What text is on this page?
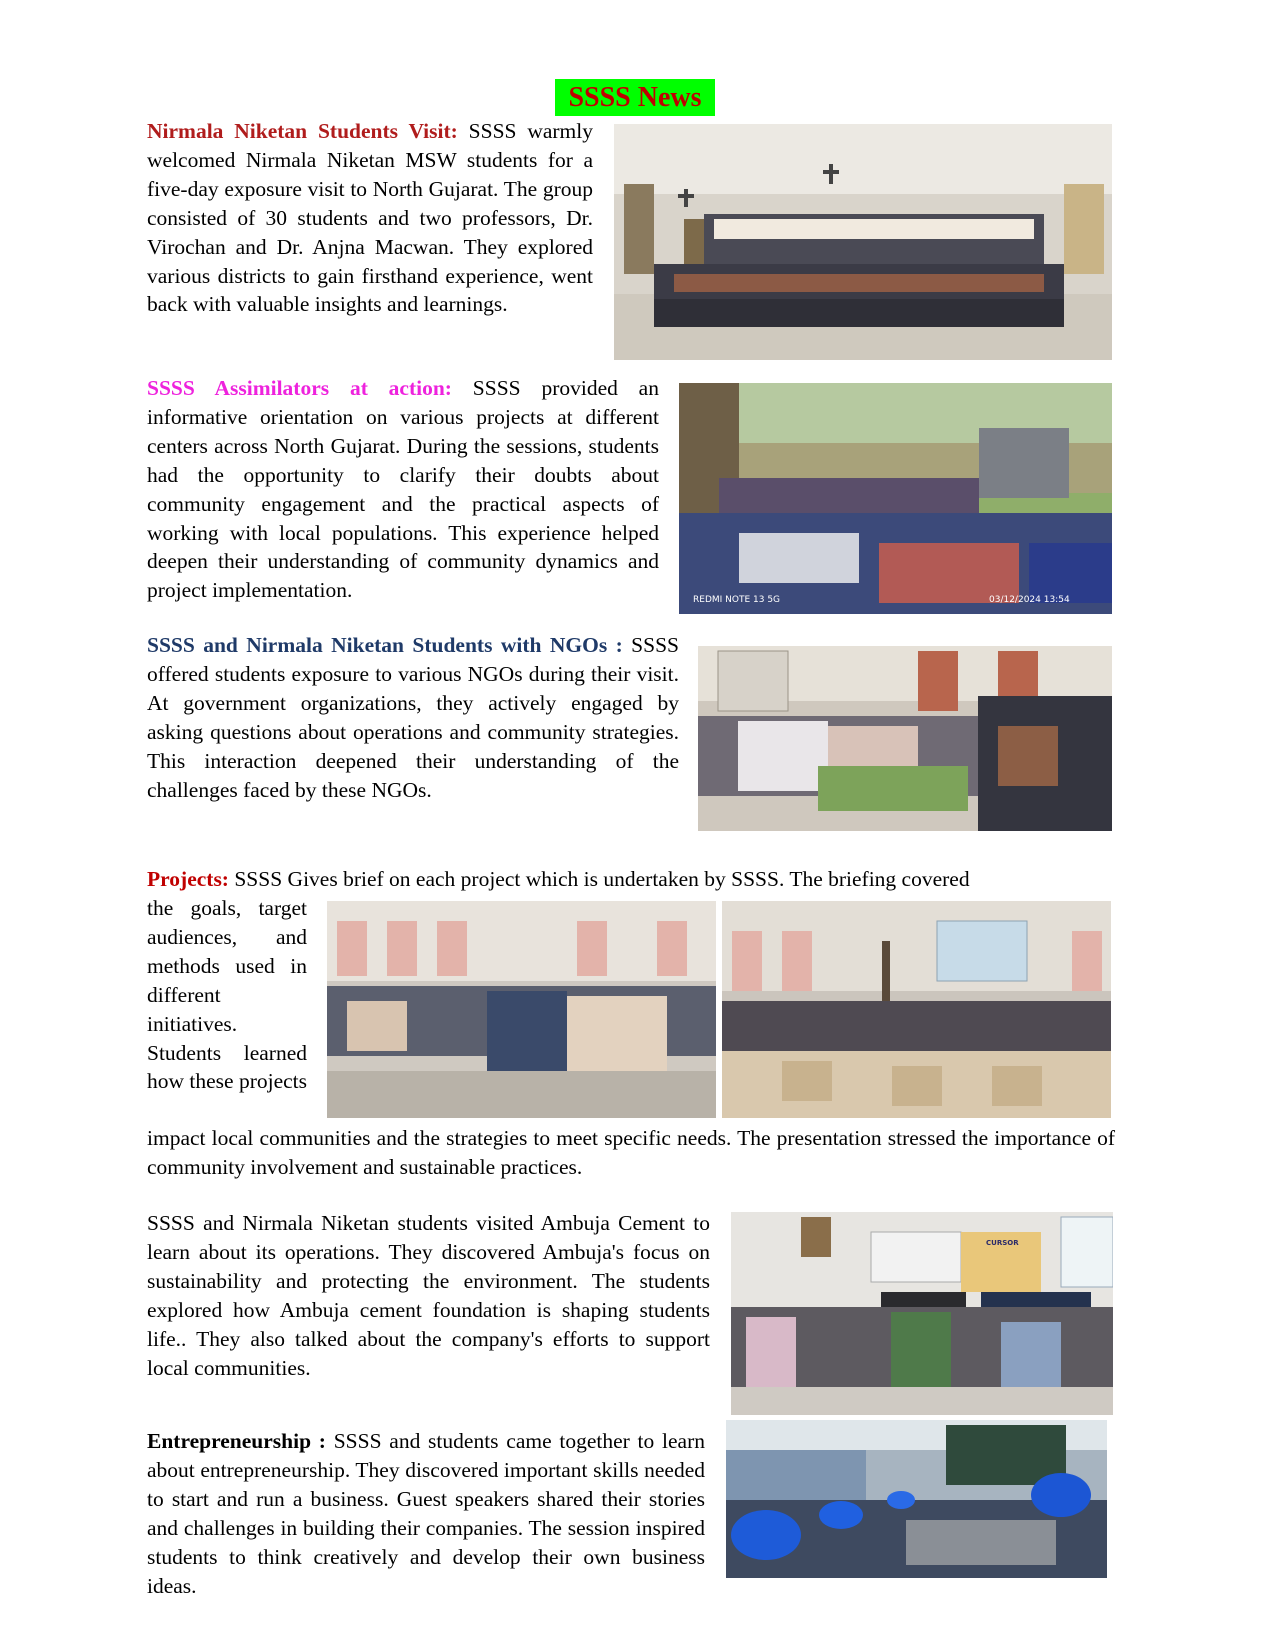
SSSS News
Nirmala Niketan Students Visit: SSSS warmly welcomed Nirmala Niketan MSW students for a five-day exposure visit to North Gujarat. The group consisted of 30 students and two professors, Dr. Virochan and Dr. Anjna Macwan. They explored various districts to gain firsthand experience, went back with valuable insights and learnings.
SSSS Assimilators at action: SSSS provided an informative orientation on various projects at different centers across North Gujarat. During the sessions, students had the opportunity to clarify their doubts about community engagement and the practical aspects of working with local populations. This experience helped deepen their understanding of community dynamics and project implementation.	REDMI NOTE 13 5G	03/12/2024 13:54
SSSS and Nirmala Niketan Students with NGOs : SSSS offered students exposure to various NGOs during their visit. At government organizations, they actively engaged by asking questions about operations and community strategies. This interaction deepened their understanding of the challenges faced by these NGOs.
Projects: SSSS Gives brief on each project which is undertaken by SSSS. The briefing covered
the goals, target audiences, and methods used in different initiatives. Students learned how these projects
impact local communities and the strategies to meet specific needs. The presentation stressed the importance of community involvement and sustainable practices.
SSSS and Nirmala Niketan students visited Ambuja Cement to learn about its operations. They discovered Ambuja's focus on sustainability and protecting the environment. The students explored how Ambuja cement foundation is shaping students life.. They also talked about the company's efforts to support local communities.
CURSOR
Entrepreneurship : SSSS and students came together to learn about entrepreneurship. They discovered important skills needed to start and run a business. Guest speakers shared their stories and challenges in building their companies. The session inspired students to think creatively and develop their own business ideas.
